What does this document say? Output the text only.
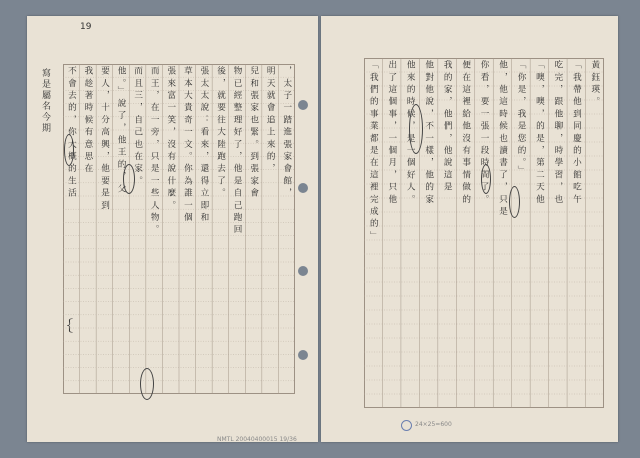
19
，太子一踏進張家會館，
明天就會追上來的，
兒和張家也緊。到張家會
物已經整理好了，他是自己跑回
後，就要往大陸跑去了。
張太太說：看來，還得立即和
草本大貴奇一文。你為誰一個
張來富一笑，沒有說什麼。
而王，在一旁，只是一些人物。
而且三，自己也在家。
他。」說了，他王的，父
要人，十分高興，他要是到
我趁著時候有意思在
不會去的，你大概的生活
寫是屬名今期
｛
NMTL 20040400015 19/36
黃鈺瑛。
「我帶他到同慶的小館吃午
吃完，跟他聊，時學習，也
「噢，噢，的是，第二天他
「你是，我是您的。」
他，他這時候也讀書了，只是
你看，要一張一段時間了。
便在這裡給他沒有事情做的
我的家，他們，他說這是
他對他說，不一樣，他的家
他來的時候，是一個好人。
出了這個事，一個月，只他
「我們的事業都是在這裡完成的」
24×25=600
